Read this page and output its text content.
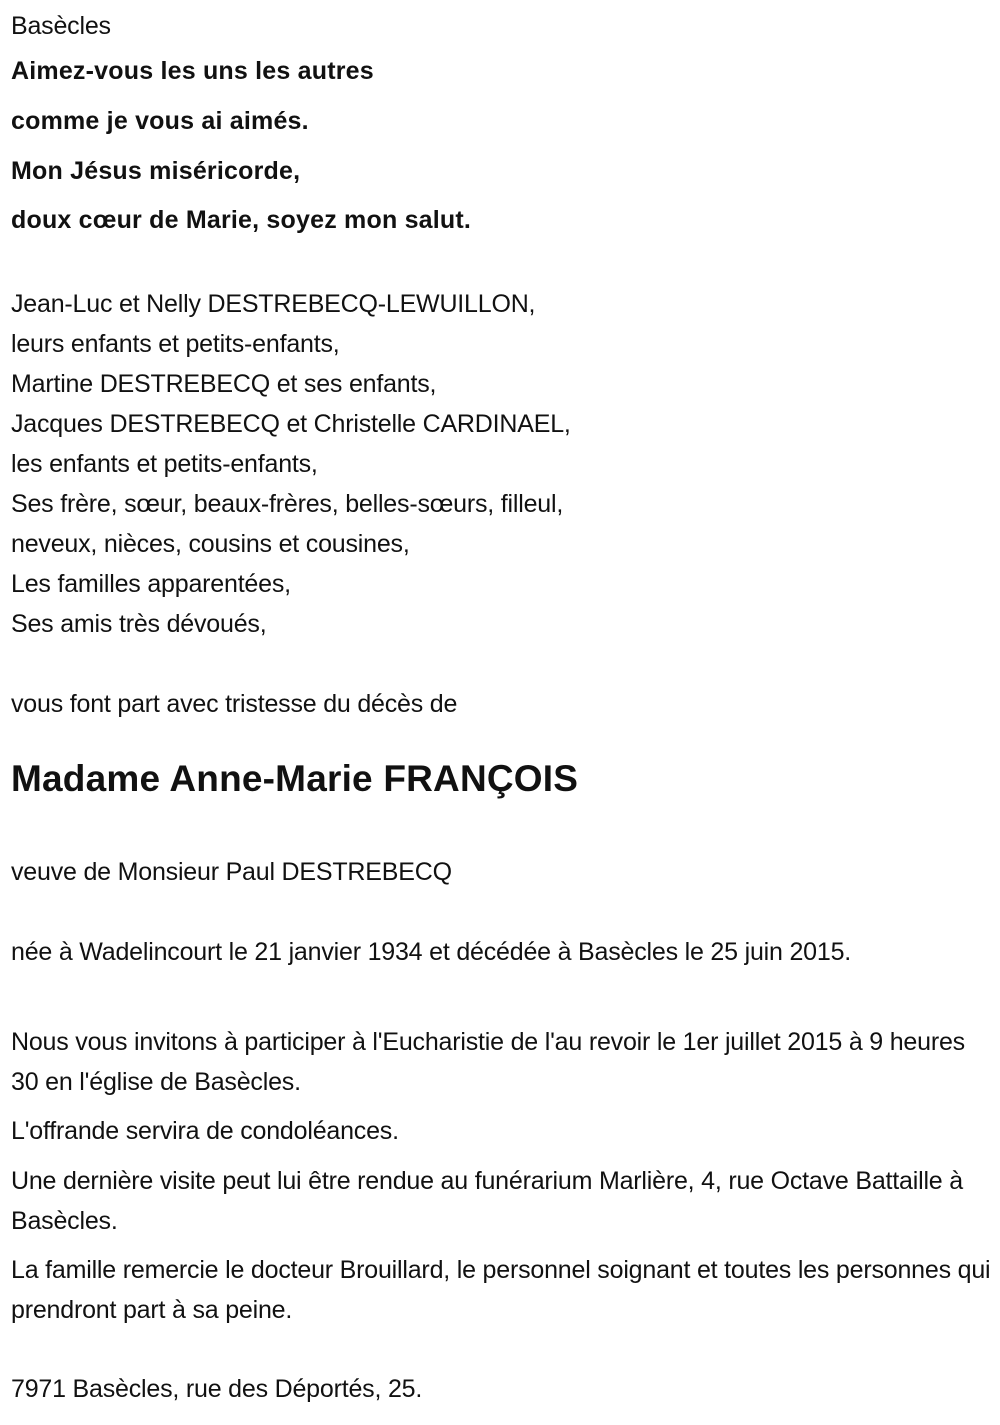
Basècles
Aimez-vous les uns les autres
comme je vous ai aimés.
Mon Jésus miséricorde,
doux cœur de Marie, soyez mon salut.
Jean-Luc et Nelly DESTREBECQ-LEWUILLON,
leurs enfants et petits-enfants,
Martine DESTREBECQ et ses enfants,
Jacques DESTREBECQ et Christelle CARDINAEL,
les enfants et petits-enfants,
Ses frère, sœur, beaux-frères, belles-sœurs, filleul,
neveux, nièces, cousins et cousines,
Les familles apparentées,
Ses amis très dévoués,
vous font part avec tristesse du décès de
Madame Anne-Marie FRANÇOIS
veuve de Monsieur Paul DESTREBECQ
née à Wadelincourt le 21 janvier 1934 et décédée à Basècles le 25 juin 2015.
Nous vous invitons à participer à l'Eucharistie de l'au revoir le 1er juillet 2015 à 9 heures 30 en l'église de Basècles.
L'offrande servira de condoléances.
Une dernière visite peut lui être rendue au funérarium Marlière, 4, rue Octave Battaille à Basècles.
La famille remercie le docteur Brouillard, le personnel soignant et toutes les personnes qui prendront part à sa peine.
7971 Basècles, rue des Déportés, 25.
